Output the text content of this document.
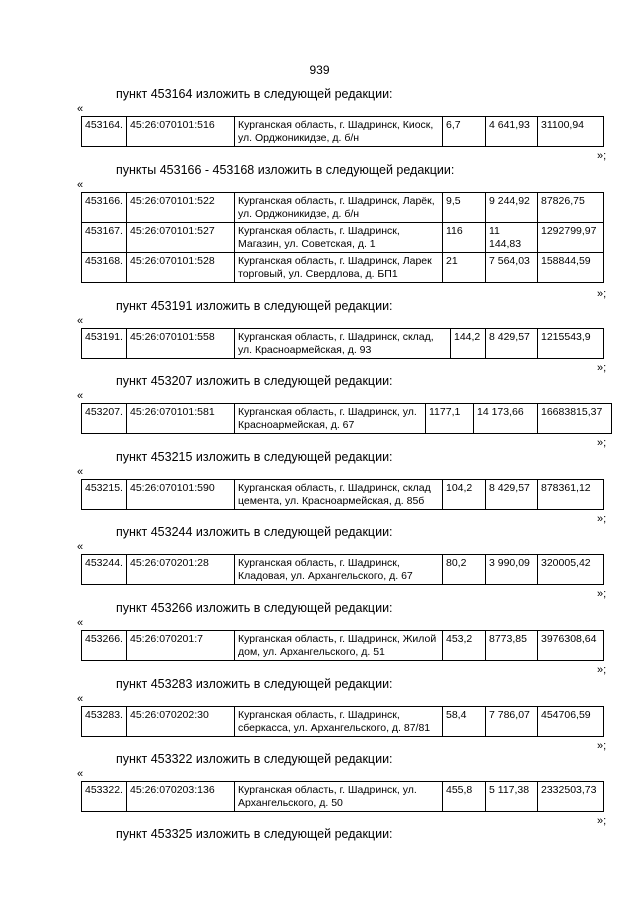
939
пункт 453164 изложить в следующей редакции:
«
453164.	45:26:070101:516	Курганская область, г. Шадринск, Киоск, ул. Орджоникидзе, д. б/н	6,7	4 641,93	31100,94
»;
пункты 453166 - 453168 изложить в следующей редакции:
«
453166.	45:26:070101:522	Курганская область, г. Шадринск, Ларёк, ул. Орджоникидзе, д. б/н	9,5	9 244,92	87826,75
453167.	45:26:070101:527	Курганская область, г. Шадринск, Магазин, ул. Советская, д. 1	116	11 144,83	1292799,97
453168.	45:26:070101:528	Курганская область, г. Шадринск, Ларек торговый, ул. Свердлова, д. БП1	21	7 564,03	158844,59
»;
пункт 453191 изложить в следующей редакции:
«
453191.	45:26:070101:558	Курганская область, г. Шадринск, склад, ул. Красноармейская, д. 93	144,2	8 429,57	1215543,9
»;
пункт 453207 изложить в следующей редакции:
«
453207.	45:26:070101:581	Курганская область, г. Шадринск, ул. Красноармейская, д. 67	1177,1	14 173,66	16683815,37
»;
пункт 453215 изложить в следующей редакции:
«
453215.	45:26:070101:590	Курганская область, г. Шадринск, склад цемента, ул. Красноармейская, д. 85б	104,2	8 429,57	878361,12
»;
пункт 453244 изложить в следующей редакции:
«
453244.	45:26:070201:28	Курганская область, г. Шадринск, Кладовая, ул. Архангельского, д. 67	80,2	3 990,09	320005,42
»;
пункт 453266 изложить в следующей редакции:
«
453266.	45:26:070201:7	Курганская область, г. Шадринск, Жилой дом, ул. Архангельского, д. 51	453,2	8773,85	3976308,64
»;
пункт 453283 изложить в следующей редакции:
«
453283.	45:26:070202:30	Курганская область, г. Шадринск, сберкасса, ул. Архангельского, д. 87/81	58,4	7 786,07	454706,59
»;
пункт 453322 изложить в следующей редакции:
«
453322.	45:26:070203:136	Курганская область, г. Шадринск, ул. Архангельского, д. 50	455,8	5 117,38	2332503,73
»;
пункт 453325 изложить в следующей редакции:
